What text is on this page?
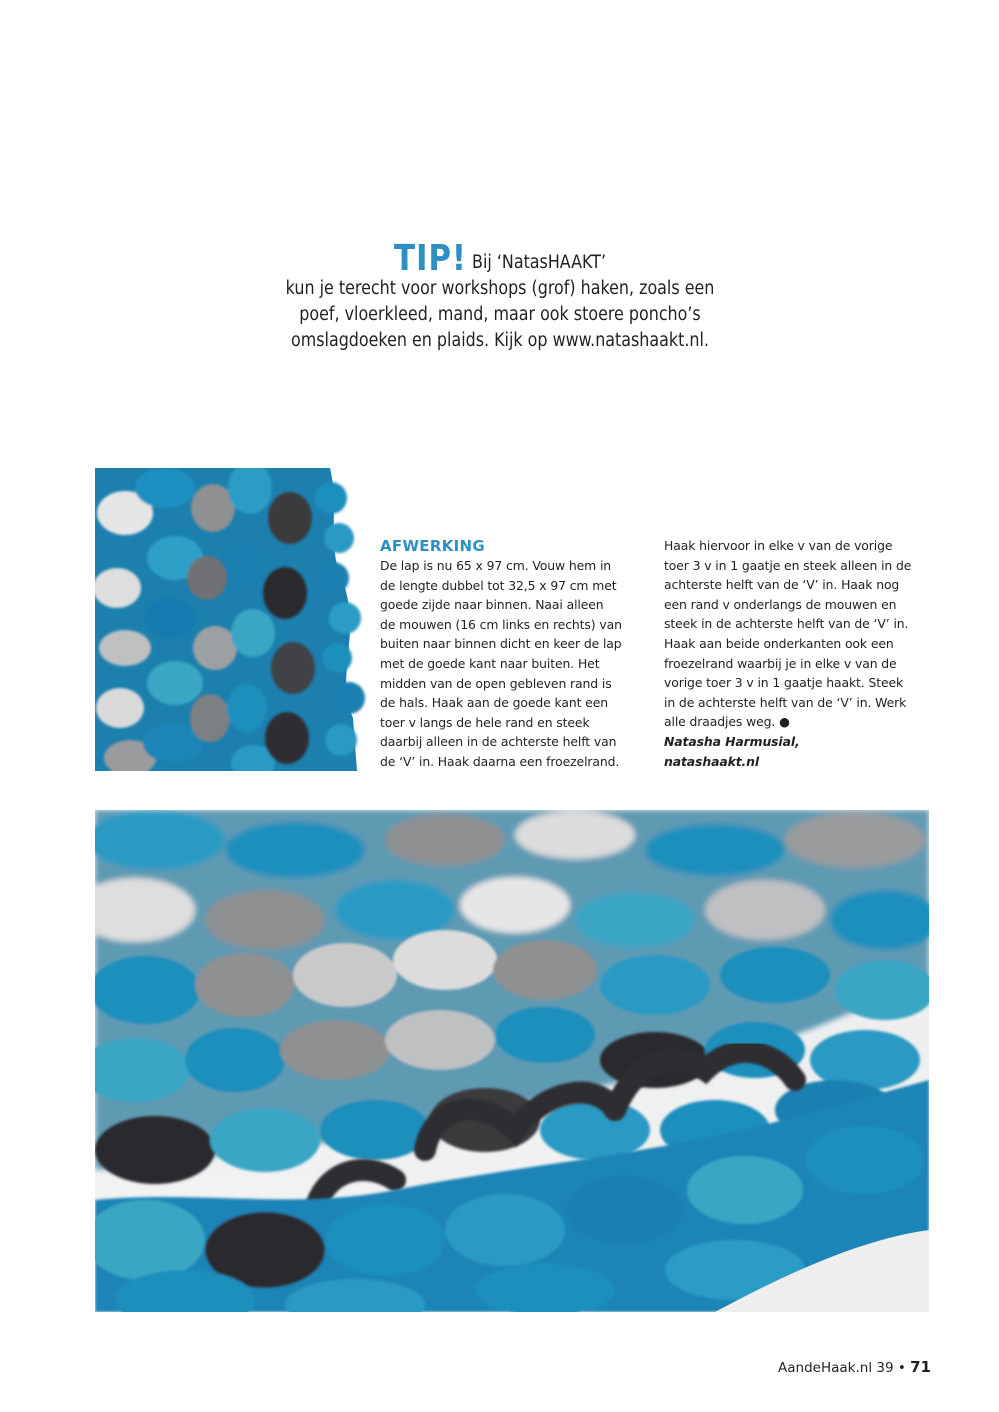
TIP! Bij ‘NatasHAAKT’
kun je terecht voor workshops (grof) haken, zoals een
poef, vloerkleed, mand, maar ook stoere poncho’s
omslagdoeken en plaids. Kijk op www.natashaakt.nl.
AFWERKING
De lap is nu 65 x 97 cm. Vouw hem in
de lengte dubbel tot 32,5 x 97 cm met
goede zijde naar binnen. Naai alleen
de mouwen (16 cm links en rechts) van
buiten naar binnen dicht en keer de lap
met de goede kant naar buiten. Het
midden van de open gebleven rand is
de hals. Haak aan de goede kant een
toer v langs de hele rand en steek
daarbij alleen in de achterste helft van
de ‘V’ in. Haak daarna een froezelrand.
Haak hiervoor in elke v van de vorige
toer 3 v in 1 gaatje en steek alleen in de
achterste helft van de ‘V’ in. Haak nog
een rand v onderlangs de mouwen en
steek in de achterste helft van de ‘V’ in.
Haak aan beide onderkanten ook een
froezelrand waarbij je in elke v van de
vorige toer 3 v in 1 gaatje haakt. Steek
in de achterste helft van de ‘V’ in. Werk
alle draadjes weg. ●
Natasha Harmusial,
natashaakt.nl
AandeHaak.nl 39 • 71
